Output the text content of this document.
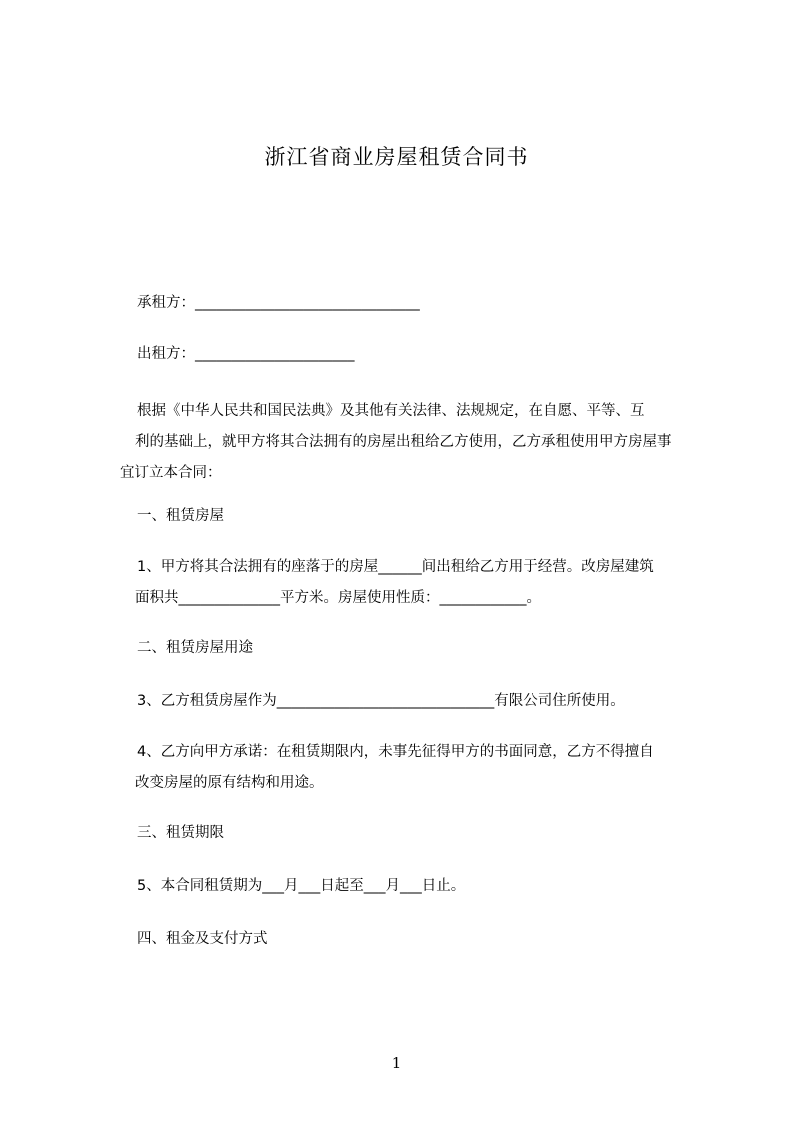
浙江省商业房屋租赁合同书
承租方：_______________________________
出租方：______________________
根据《中华人民共和国民法典》及其他有关法律、法规规定，在自愿、平等、互
利的基础上，就甲方将其合法拥有的房屋出租给乙方使用，乙方承租使用甲方房屋事
宜订立本合同：
一、租赁房屋
1、甲方将其合法拥有的座落于的房屋______间出租给乙方用于经营。改房屋建筑
面积共______________平方米。房屋使用性质：____________。
二、租赁房屋用途
3、乙方租赁房屋作为______________________________有限公司住所使用。
4、乙方向甲方承诺：在租赁期限内，未事先征得甲方的书面同意，乙方不得擅自
改变房屋的原有结构和用途。
三、租赁期限
5、本合同租赁期为___月___日起至___月___日止。
四、租金及支付方式
1
